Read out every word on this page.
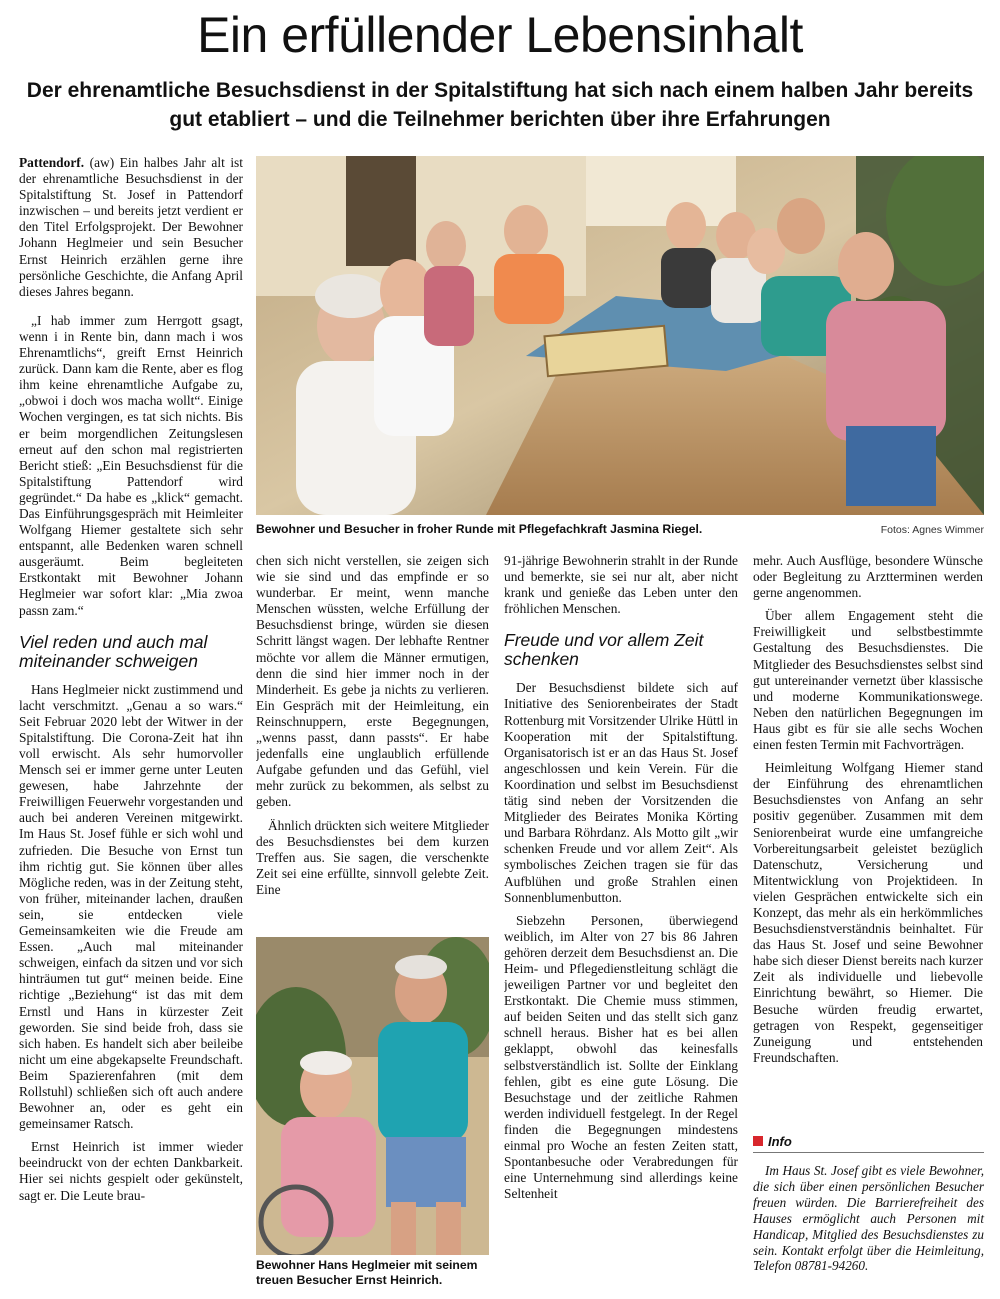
Ein erfüllender Lebensinhalt
Der ehrenamtliche Besuchsdienst in der Spitalstiftung hat sich nach einem halben Jahr bereits gut etabliert – und die Teilnehmer berichten über ihre Erfahrungen

Pattendorf. (aw) Ein halbes Jahr alt ist der ehrenamtliche Besuchsdienst in der Spitalstiftung St. Josef in Pattendorf inzwischen – und bereits jetzt verdient er den Titel Erfolgsprojekt. Der Bewohner Johann Heglmeier und sein Besucher Ernst Heinrich erzählen gerne ihre persönliche Geschichte, die Anfang April dieses Jahres begann.

„I hab immer zum Herrgott gsagt, wenn i in Rente bin, dann mach i wos Ehrenamtlichs“, greift Ernst Heinrich zurück. Dann kam die Rente, aber es flog ihm keine ehrenamtliche Aufgabe zu, „obwoi i doch wos macha wollt“. Einige Wochen vergingen, es tat sich nichts. Bis er beim morgendlichen Zeitungslesen erneut auf den schon mal registrierten Bericht stieß: „Ein Besuchsdienst für die Spitalstiftung Pattendorf wird gegründet.“ Da habe es „klick“ gemacht. Das Einführungsgespräch mit Heimleiter Wolfgang Hiemer gestaltete sich sehr entspannt, alle Bedenken waren schnell ausgeräumt. Beim begleiteten Erstkontakt mit Bewohner Johann Heglmeier war sofort klar: „Mia zwoa passn zam.“

Viel reden und auch mal miteinander schweigen

Hans Heglmeier nickt zustimmend und lacht verschmitzt. „Genau a so wars.“ Seit Februar 2020 lebt der Witwer in der Spitalstiftung. Die Corona-Zeit hat ihn voll erwischt. Als sehr humorvoller Mensch sei er immer gerne unter Leuten gewesen, habe Jahrzehnte der Freiwilligen Feuerwehr vorgestanden und auch bei anderen Vereinen mitgewirkt. Im Haus St. Josef fühle er sich wohl und zufrieden. Die Besuche von Ernst tun ihm richtig gut. Sie können über alles Mögliche reden, was in der Zeitung steht, von früher, miteinander lachen, draußen sein, sie entdecken viele Gemeinsamkeiten wie die Freude am Essen. „Auch mal miteinander schweigen, einfach da sitzen und vor sich hinträumen tut gut“ meinen beide. Eine richtige „Beziehung“ ist das mit dem Ernstl und Hans in kürzester Zeit geworden. Sie sind beide froh, dass sie sich haben. Es handelt sich aber beileibe nicht um eine abgekapselte Freundschaft. Beim Spazierenfahren (mit dem Rollstuhl) schließen sich oft auch andere Bewohner an, oder es geht ein gemeinsamer Ratsch.

Ernst Heinrich ist immer wieder beeindruckt von der echten Dankbarkeit. Hier sei nichts gespielt oder gekünstelt, sagt er. Die Leute brau-

Bewohner und Besucher in froher Runde mit Pflegefachkraft Jasmina Riegel.	Fotos: Agnes Wimmer

chen sich nicht verstellen, sie zeigen sich wie sie sind und das empfinde er so wunderbar. Er meint, wenn manche Menschen wüssten, welche Erfüllung der Besuchsdienst bringe, würden sie diesen Schritt längst wagen. Der lebhafte Rentner möchte vor allem die Männer ermutigen, denn die sind hier immer noch in der Minderheit. Es gebe ja nichts zu verlieren. Ein Gespräch mit der Heimleitung, ein Reinschnuppern, erste Begegnungen, „wenns passt, dann passts“. Er habe jedenfalls eine unglaublich erfüllende Aufgabe gefunden und das Gefühl, viel mehr zurück zu bekommen, als selbst zu geben.

Ähnlich drückten sich weitere Mitglieder des Besuchsdienstes bei dem kurzen Treffen aus. Sie sagen, die verschenkte Zeit sei eine erfüllte, sinnvoll gelebte Zeit. Eine

Bewohner Hans Heglmeier mit seinem treuen Besucher Ernst Heinrich.

91-jährige Bewohnerin strahlt in der Runde und bemerkte, sie sei nur alt, aber nicht krank und genieße das Leben unter den fröhlichen Menschen.

Freude und vor allem Zeit schenken

Der Besuchsdienst bildete sich auf Initiative des Seniorenbeirates der Stadt Rottenburg mit Vorsitzender Ulrike Hüttl in Kooperation mit der Spitalstiftung. Organisatorisch ist er an das Haus St. Josef angeschlossen und kein Verein. Für die Koordination und selbst im Besuchsdienst tätig sind neben der Vorsitzenden die Mitglieder des Beirates Monika Körting und Barbara Röhrdanz. Als Motto gilt „wir schenken Freude und vor allem Zeit“. Als symbolisches Zeichen tragen sie für das Aufblühen und große Strahlen einen Sonnenblumenbutton.

Siebzehn Personen, überwiegend weiblich, im Alter von 27 bis 86 Jahren gehören derzeit dem Besuchsdienst an. Die Heim- und Pflegedienstleitung schlägt die jeweiligen Partner vor und begleitet den Erstkontakt. Die Chemie muss stimmen, auf beiden Seiten und das stellt sich ganz schnell heraus. Bisher hat es bei allen geklappt, obwohl das keinesfalls selbstverständlich ist. Sollte der Einklang fehlen, gibt es eine gute Lösung. Die Besuchstage und der zeitliche Rahmen werden individuell festgelegt. In der Regel finden die Begegnungen mindestens einmal pro Woche an festen Zeiten statt, Spontanbesuche oder Verabredungen für eine Unternehmung sind allerdings keine Seltenheit

mehr. Auch Ausflüge, besondere Wünsche oder Begleitung zu Arztterminen werden gerne angenommen.

Über allem Engagement steht die Freiwilligkeit und selbstbestimmte Gestaltung des Besuchsdienstes. Die Mitglieder des Besuchsdienstes selbst sind gut untereinander vernetzt über klassische und moderne Kommunikationswege. Neben den natürlichen Begegnungen im Haus gibt es für sie alle sechs Wochen einen festen Termin mit Fachvorträgen.

Heimleitung Wolfgang Hiemer stand der Einführung des ehrenamtlichen Besuchsdienstes von Anfang an sehr positiv gegenüber. Zusammen mit dem Seniorenbeirat wurde eine umfangreiche Vorbereitungsarbeit geleistet bezüglich Datenschutz, Versicherung und Mitentwicklung von Projektideen. In vielen Gesprächen entwickelte sich ein Konzept, das mehr als ein herkömmliches Besuchsdienstverständnis beinhaltet. Für das Haus St. Josef und seine Bewohner habe sich dieser Dienst bereits nach kurzer Zeit als individuelle und liebevolle Einrichtung bewährt, so Hiemer. Die Besuche würden freudig erwartet, getragen von Respekt, gegenseitiger Zuneigung und entstehenden Freundschaften.

Info

Im Haus St. Josef gibt es viele Bewohner, die sich über einen persönlichen Besucher freuen würden. Die Barrierefreiheit des Hauses ermöglicht auch Personen mit Handicap, Mitglied des Besuchsdienstes zu sein. Kontakt erfolgt über die Heimleitung, Telefon 08781-94260.
